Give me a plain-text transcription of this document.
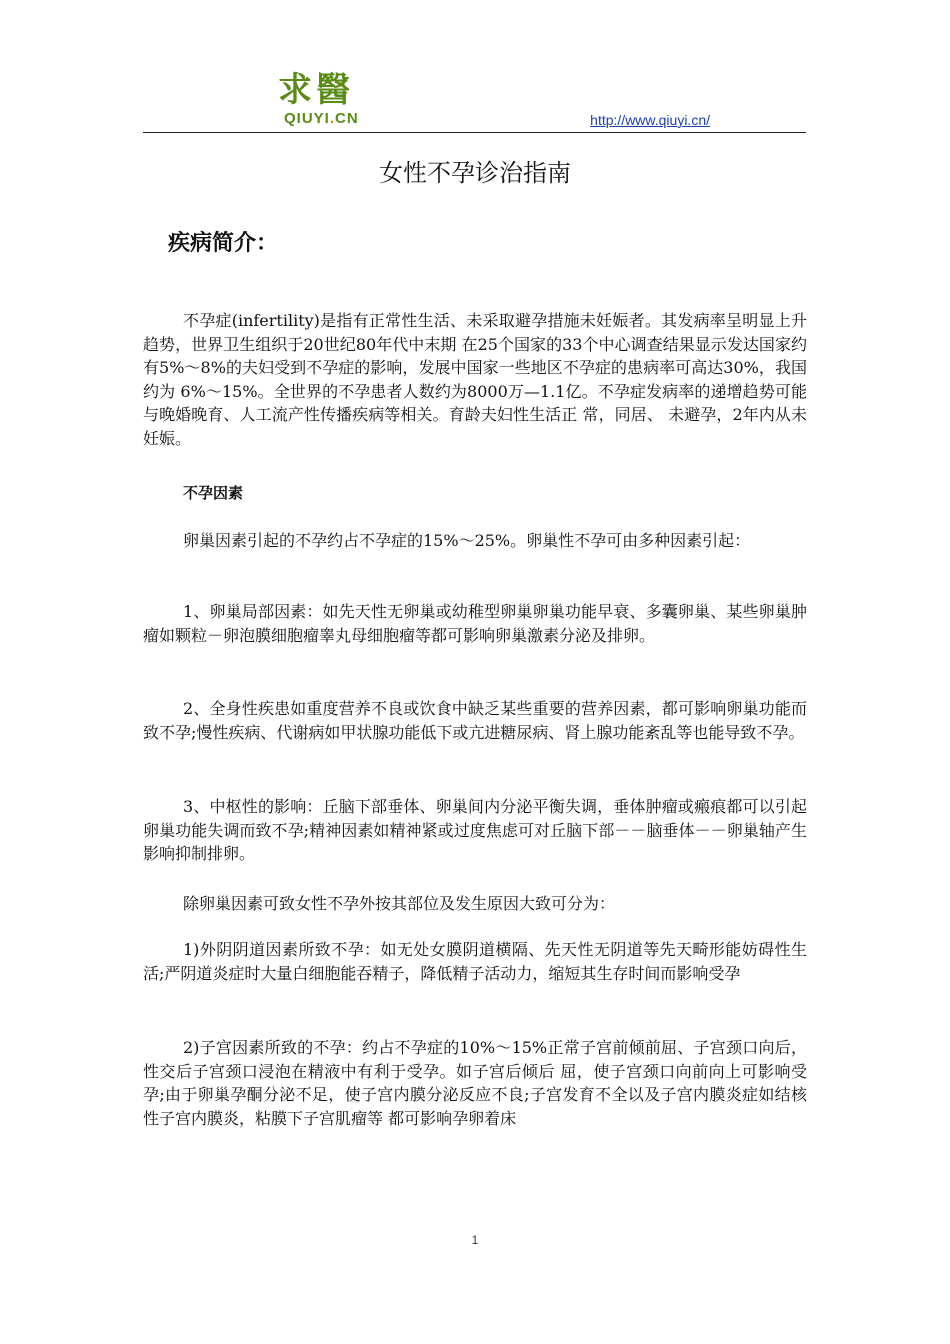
求醫
QIUYI.CN	http://www.qiuyi.cn/
女性不孕诊治指南
疾病简介：

不孕症(infertility)是指有正常性生活、未采取避孕措施未妊娠者。其发病率呈明显上升趋势，世界卫生组织于20世纪80年代中末期 在25个国家的33个中心调查结果显示发达国家约有5%～8%的夫妇受到不孕症的影响，发展中国家一些地区不孕症的患病率可高达30%，我国约为 6%～15%。全世界的不孕患者人数约为8000万—1.1亿。不孕症发病率的递增趋势可能与晚婚晚育、人工流产性传播疾病等相关。育龄夫妇性生活正 常，同居、 未避孕，2年内从未妊娠。

不孕因素

卵巢因素引起的不孕约占不孕症的15%～25%。卵巢性不孕可由多种因素引起：

1、卵巢局部因素：如先天性无卵巢或幼稚型卵巢卵巢功能早衰、多囊卵巢、某些卵巢肿瘤如颗粒－卵泡膜细胞瘤睾丸母细胞瘤等都可影响卵巢激素分泌及排卵。

2、全身性疾患如重度营养不良或饮食中缺乏某些重要的营养因素，都可影响卵巢功能而致不孕;慢性疾病、代谢病如甲状腺功能低下或亢进糖尿病、肾上腺功能紊乱等也能导致不孕。

3、中枢性的影响：丘脑下部垂体、卵巢间内分泌平衡失调，垂体肿瘤或瘢痕都可以引起卵巢功能失调而致不孕;精神因素如精神紧或过度焦虑可对丘脑下部－－脑垂体－－卵巢轴产生影响抑制排卵。

除卵巢因素可致女性不孕外按其部位及发生原因大致可分为：

1)外阴阴道因素所致不孕：如无处女膜阴道横隔、先天性无阴道等先天畸形能妨碍性生活;严阴道炎症时大量白细胞能吞精子，降低精子活动力，缩短其生存时间而影响受孕

2)子宫因素所致的不孕：约占不孕症的10%～15%正常子宫前倾前屈、子宫颈口向后，性交后子宫颈口浸泡在精液中有利于受孕。如子宫后倾后 屈，使子宫颈口向前向上可影响受孕;由于卵巢孕酮分泌不足，使子宫内膜分泌反应不良;子宫发育不全以及子宫内膜炎症如结核性子宫内膜炎，粘膜下子宫肌瘤等 都可影响孕卵着床

1
